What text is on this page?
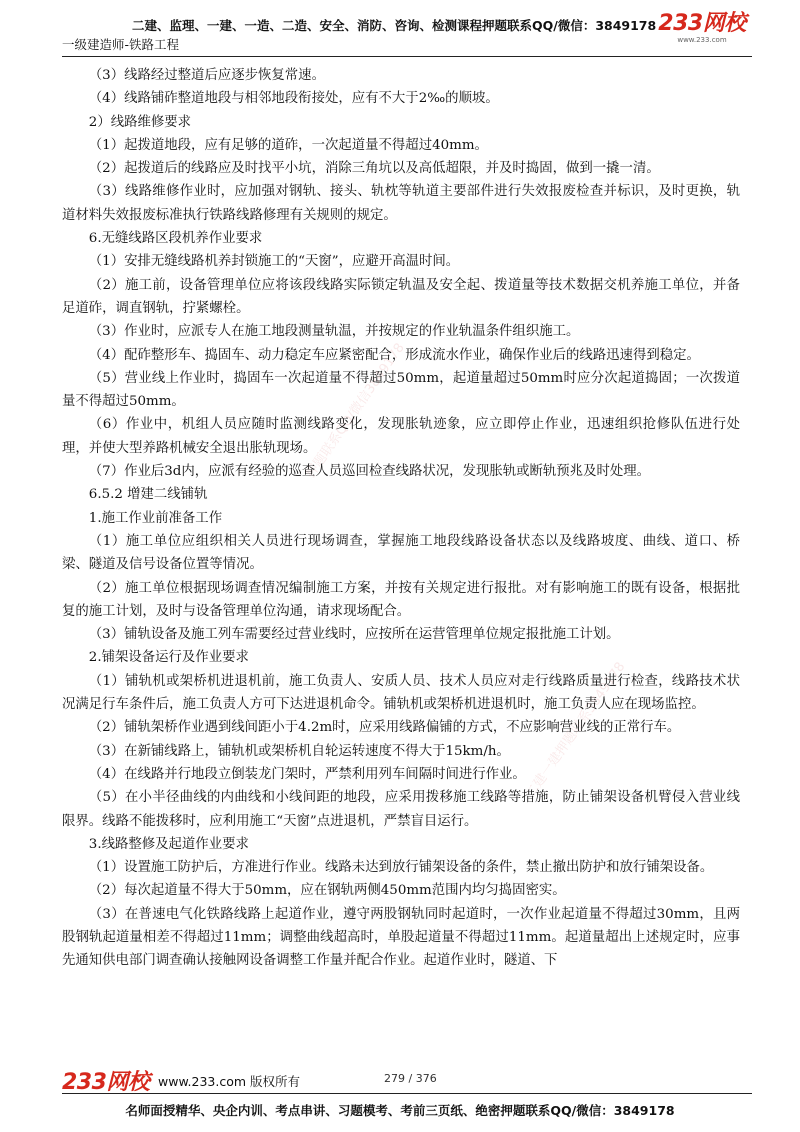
二建、监理、一建、一造、二造、安全、消防、咨询、检测课程押题联系QQ/微信：3849178
一级建造师-铁路工程
233网校
www.233.com
押题联系QQ/微信3849178
二建一建押题联系3849178

（3）线路经过整道后应逐步恢复常速。

（4）线路铺砟整道地段与相邻地段衔接处，应有不大于2‰的顺坡。

2）线路维修要求

（1）起拨道地段，应有足够的道砟，一次起道量不得超过40mm。

（2）起拨道后的线路应及时找平小坑，消除三角坑以及高低超限，并及时捣固，做到一撬一清。

（3）线路维修作业时，应加强对钢轨、接头、轨枕等轨道主要部件进行失效报废检查并标识，及时更换，轨道材料失效报废标准执行铁路线路修理有关规则的规定。

6.无缝线路区段机养作业要求

（1）安排无缝线路机养封锁施工的“天窗”，应避开高温时间。

（2）施工前，设备管理单位应将该段线路实际锁定轨温及安全起、拨道量等技术数据交机养施工单位，并备足道砟，调直钢轨，拧紧螺栓。

（3）作业时，应派专人在施工地段测量轨温，并按规定的作业轨温条件组织施工。

（4）配砟整形车、捣固车、动力稳定车应紧密配合，形成流水作业，确保作业后的线路迅速得到稳定。

（5）营业线上作业时，捣固车一次起道量不得超过50mm，起道量超过50mm时应分次起道捣固；一次拨道量不得超过50mm。

（6）作业中，机组人员应随时监测线路变化，发现胀轨迹象，应立即停止作业，迅速组织抢修队伍进行处理，并使大型养路机械安全退出胀轨现场。

（7）作业后3d内，应派有经验的巡查人员巡回检查线路状况，发现胀轨或断轨预兆及时处理。

6.5.2 增建二线铺轨

1.施工作业前准备工作

（1）施工单位应组织相关人员进行现场调查，掌握施工地段线路设备状态以及线路坡度、曲线、道口、桥梁、隧道及信号设备位置等情况。

（2）施工单位根据现场调查情况编制施工方案，并按有关规定进行报批。对有影响施工的既有设备，根据批复的施工计划，及时与设备管理单位沟通，请求现场配合。

（3）铺轨设备及施工列车需要经过营业线时，应按所在运营管理单位规定报批施工计划。

2.铺架设备运行及作业要求

（1）铺轨机或架桥机进退机前，施工负责人、安质人员、技术人员应对走行线路质量进行检查，线路技术状况满足行车条件后，施工负责人方可下达进退机命令。铺轨机或架桥机进退机时，施工负责人应在现场监控。

（2）铺轨架桥作业遇到线间距小于4.2m时，应采用线路偏铺的方式，不应影响营业线的正常行车。

（3）在新铺线路上，铺轨机或架桥机自轮运转速度不得大于15km/h。

（4）在线路并行地段立倒装龙门架时，严禁利用列车间隔时间进行作业。

（5）在小半径曲线的内曲线和小线间距的地段，应采用拨移施工线路等措施，防止铺架设备机臂侵入营业线限界。线路不能拨移时，应利用施工“天窗”点进退机，严禁盲目运行。

3.线路整修及起道作业要求

（1）设置施工防护后，方准进行作业。线路未达到放行铺架设备的条件，禁止撤出防护和放行铺架设备。

（2）每次起道量不得大于50mm，应在钢轨两侧450mm范围内均匀捣固密实。

（3）在普速电气化铁路线路上起道作业，遵守两股钢轨同时起道时，一次作业起道量不得超过30mm，且两股钢轨起道量相差不得超过11mm；调整曲线超高时，单股起道量不得超过11mm。起道量超出上述规定时，应事先通知供电部门调查确认接触网设备调整工作量并配合作业。起道作业时，隧道、下

233网校 www.233.com 版权所有	279 / 376
名师面授精华、央企内训、考点串讲、习题模考、考前三页纸、绝密押题联系QQ/微信：3849178
